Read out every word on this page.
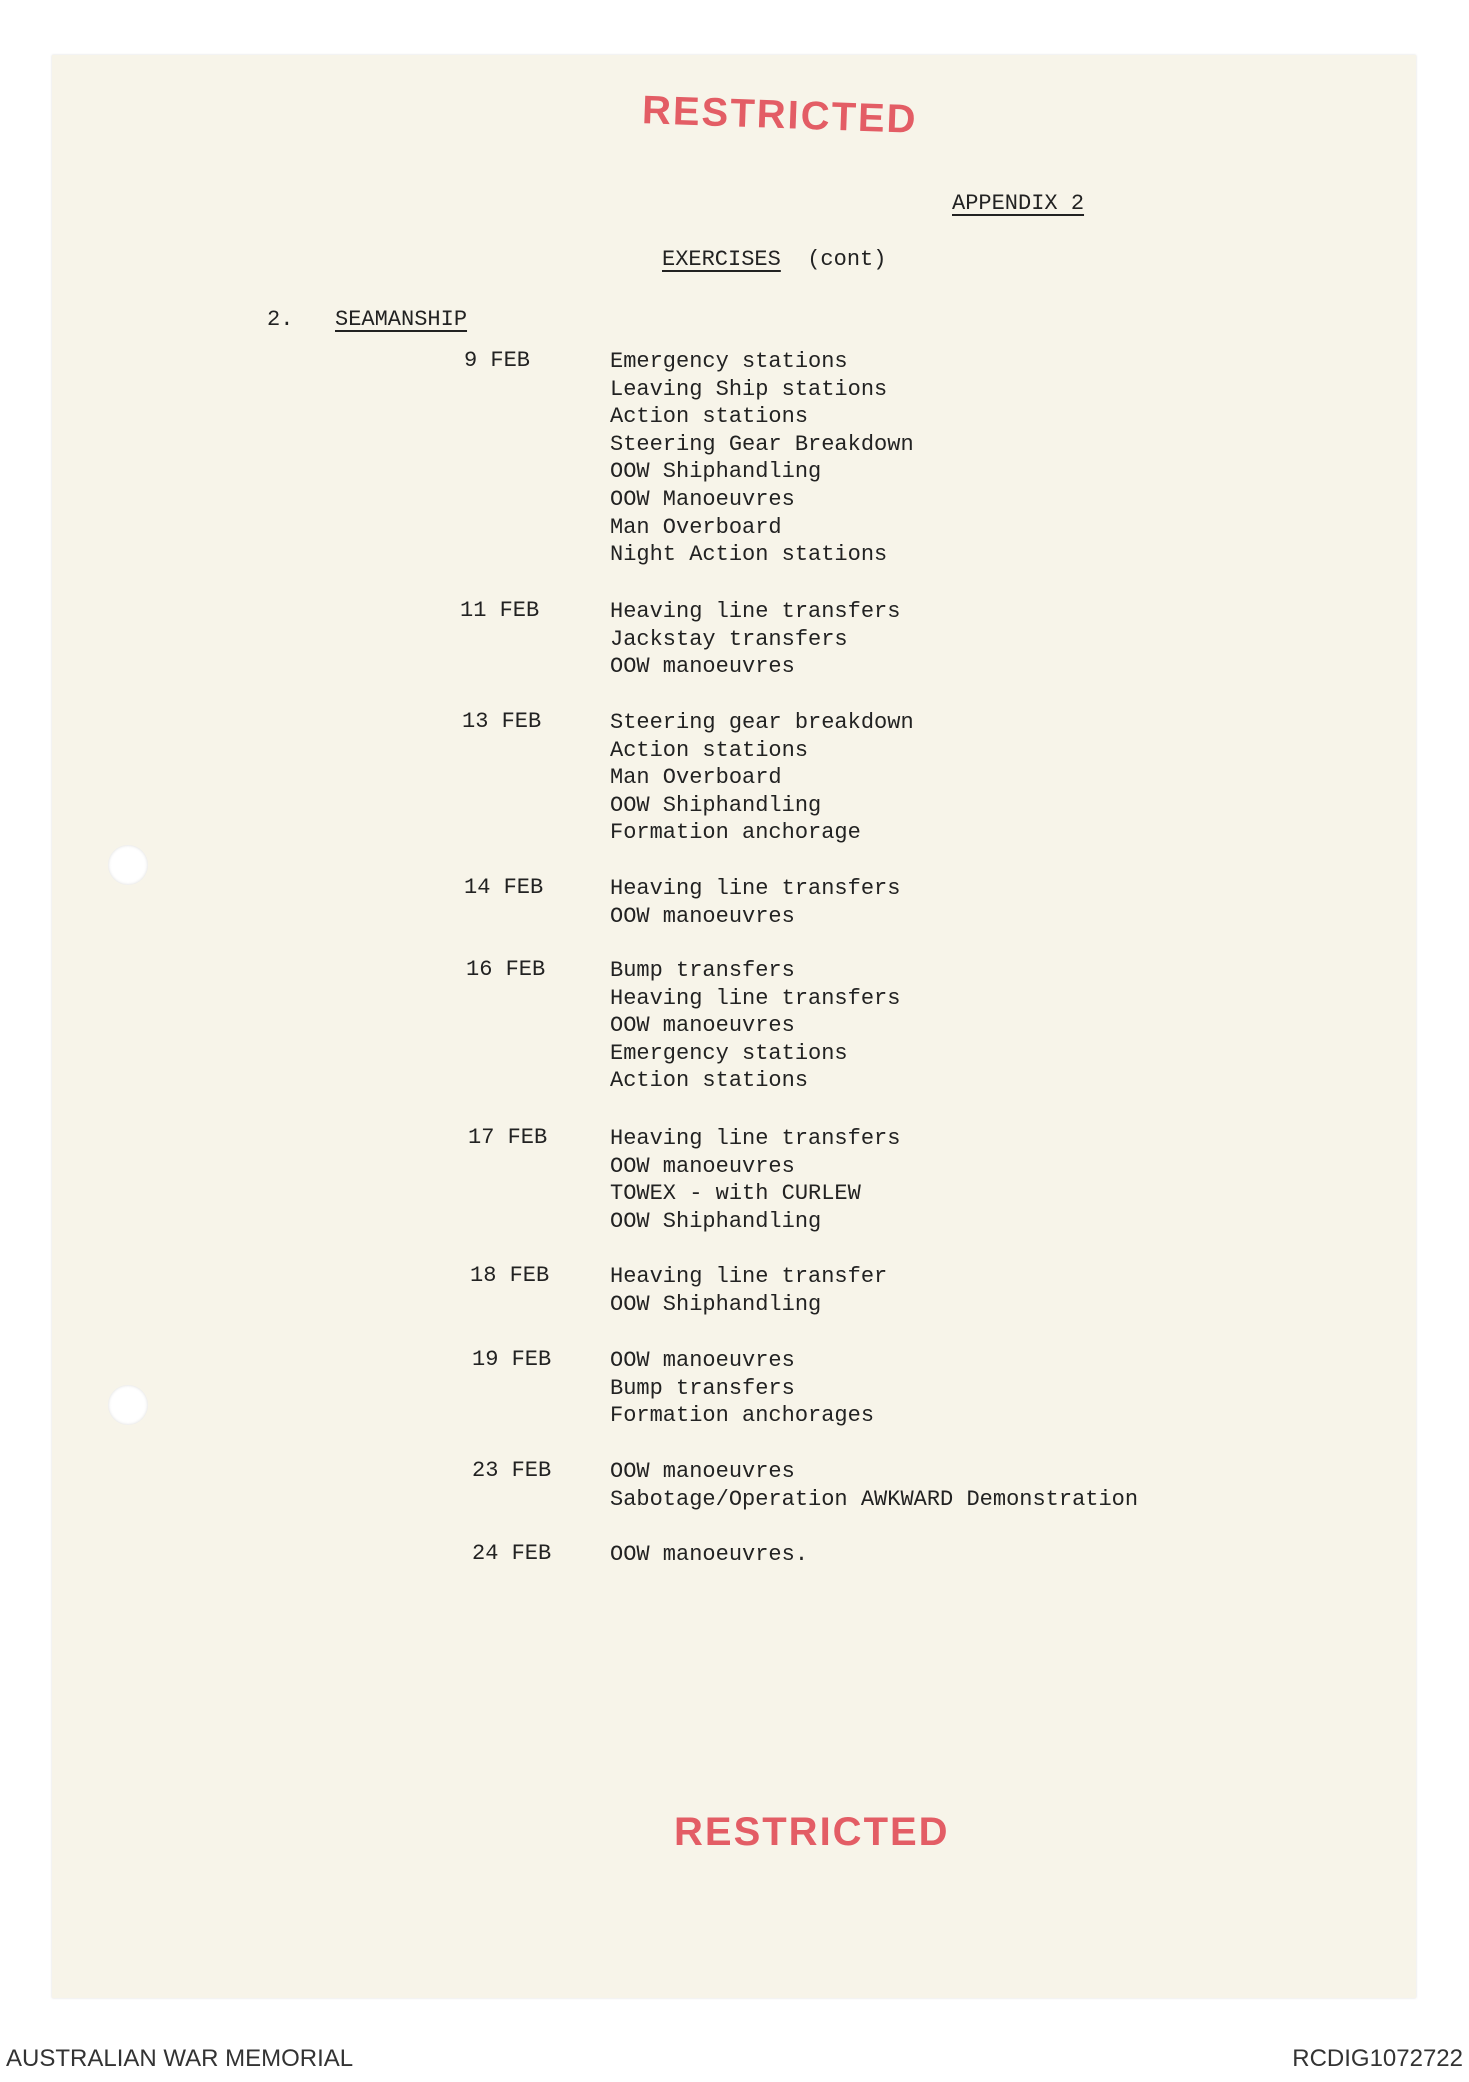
RESTRICTED
APPENDIX 2
EXERCISES (cont)
2. SEAMANSHIP
9 FEB	Emergency stations
Leaving Ship stations
Action stations
Steering Gear Breakdown
OOW Shiphandling
OOW Manoeuvres
Man Overboard
Night Action stations
11 FEB	Heaving line transfers
Jackstay transfers
OOW manoeuvres
13 FEB	Steering gear breakdown
Action stations
Man Overboard
OOW Shiphandling
Formation anchorage
14 FEB	Heaving line transfers
OOW manoeuvres
16 FEB	Bump transfers
Heaving line transfers
OOW manoeuvres
Emergency stations
Action stations
17 FEB	Heaving line transfers
OOW manoeuvres
TOWEX - with CURLEW
OOW Shiphandling
18 FEB	Heaving line transfer
OOW Shiphandling
19 FEB	OOW manoeuvres
Bump transfers
Formation anchorages
23 FEB	OOW manoeuvres
Sabotage/Operation AWKWARD Demonstration
24 FEB	OOW manoeuvres.
RESTRICTED
AUSTRALIAN WAR MEMORIAL	RCDIG1072722
